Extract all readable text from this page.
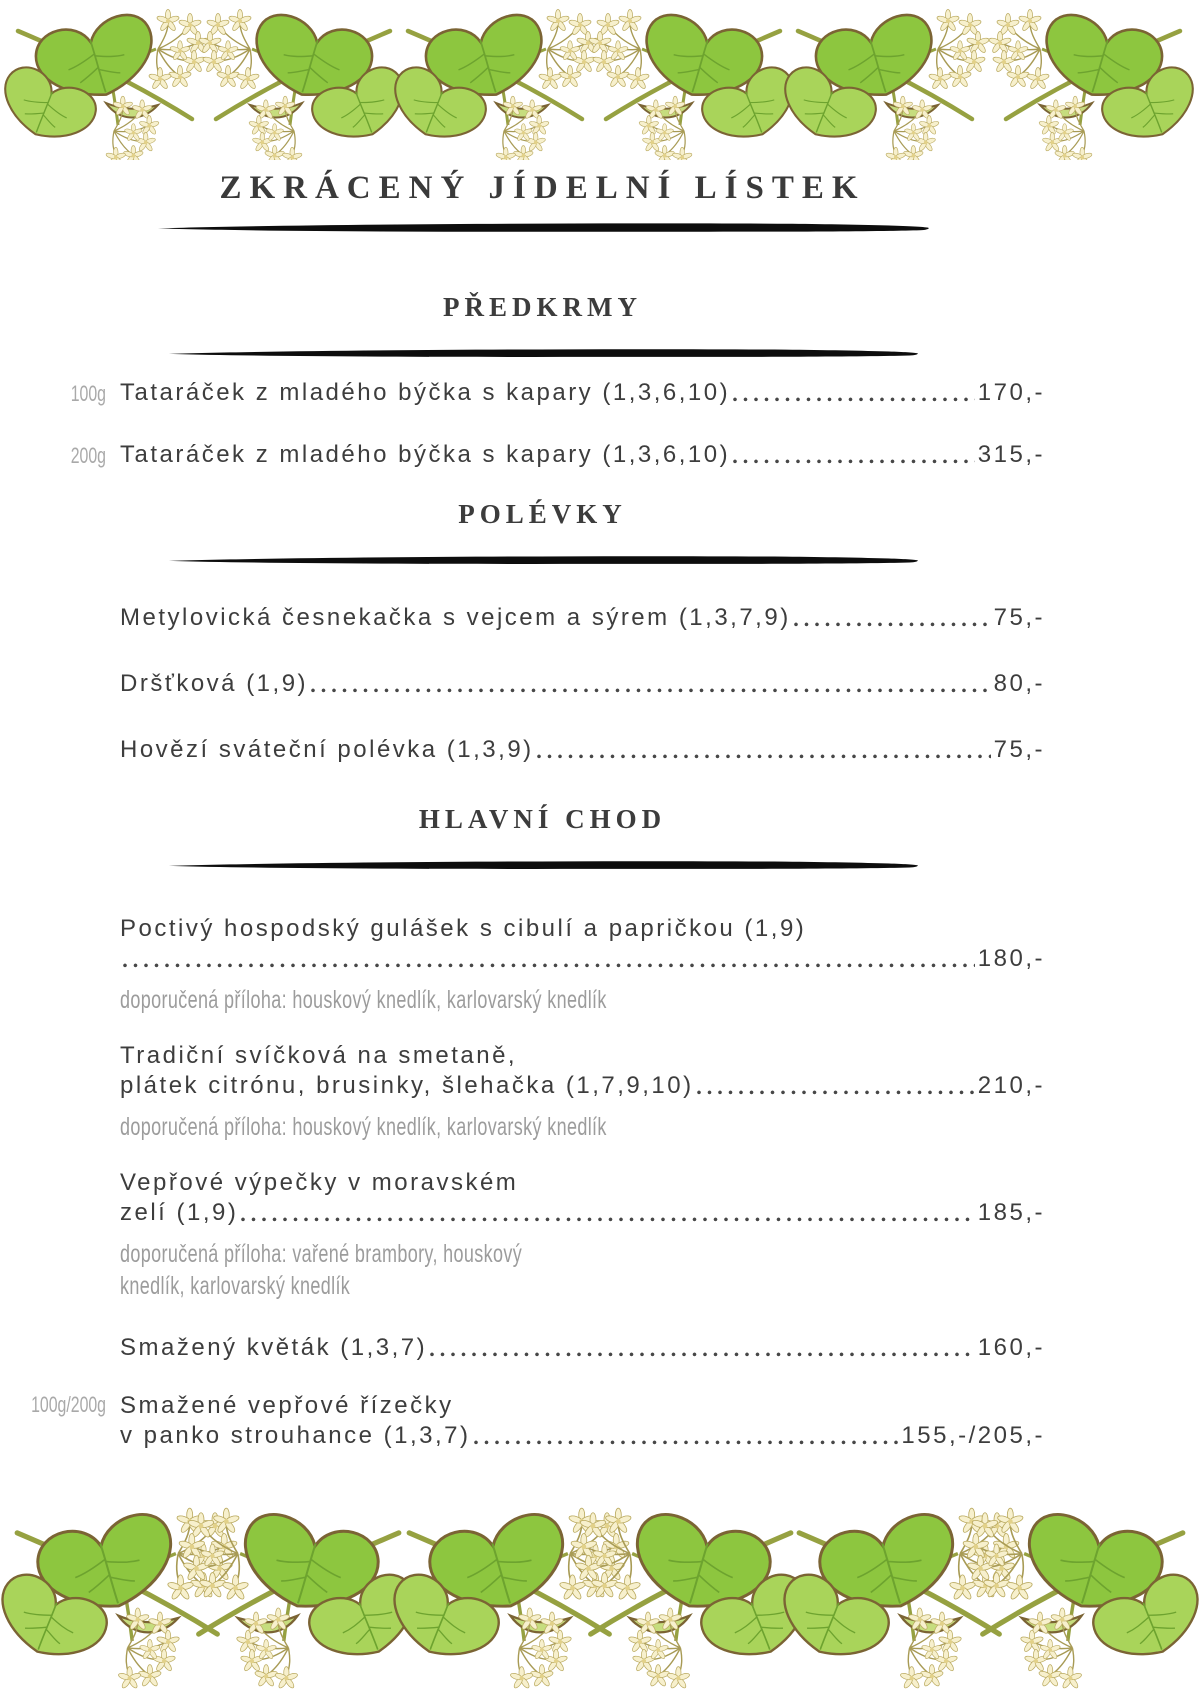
ZKRÁCENÝ JÍDELNÍ LÍSTEK
PŘEDKRMY
100g Tataráček z mladého býčka s kapary (1,3,6,10)	170,-
200g Tataráček z mladého býčka s kapary (1,3,6,10)	315,-
POLÉVKY
Metylovická česnekačka s vejcem a sýrem (1,3,7,9)	75,-
Dršťková (1,9)	80,-
Hovězí sváteční polévka (1,3,9)	75,-
HLAVNÍ CHOD
Poctivý hospodský gulášek s cibulí a papričkou (1,9)
180,-
doporučená příloha: houskový knedlík, karlovarský knedlík
Tradiční svíčková na smetaně,
plátek citrónu, brusinky, šlehačka (1,7,9,10)	210,-
doporučená příloha: houskový knedlík, karlovarský knedlík
Vepřové výpečky v moravském
zelí (1,9)	185,-
doporučená příloha: vařené brambory, houskový
knedlík, karlovarský knedlík
Smažený květák (1,3,7)	160,-
100g/200g Smažené vepřové řízečky
v panko strouhance (1,3,7)	155,-/205,-
